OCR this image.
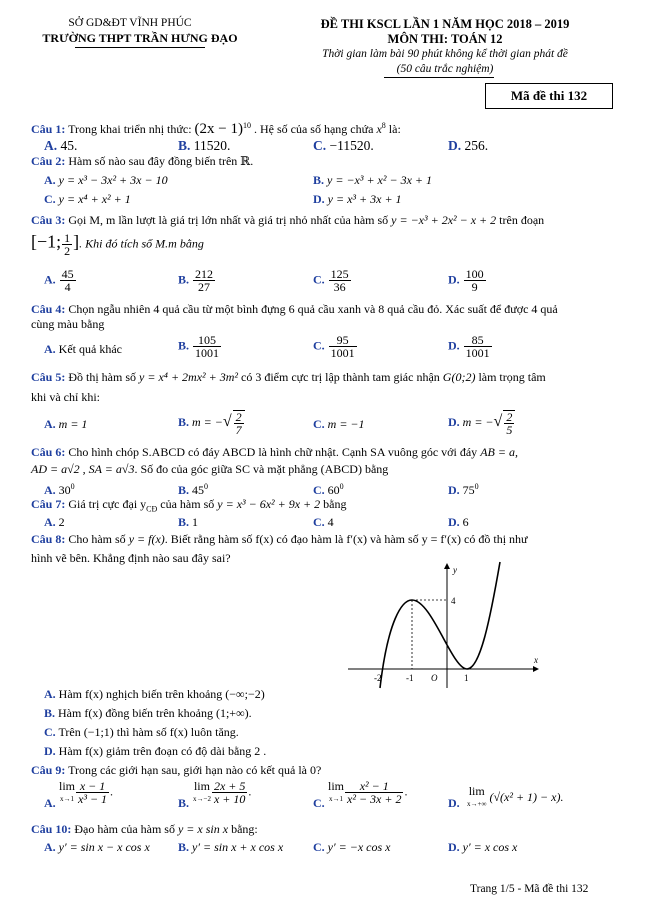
SỞ GD&ĐT VĨNH PHÚC
TRƯỜNG THPT TRẦN HƯNG ĐẠO
ĐỀ THI KSCL LẦN 1 NĂM HỌC 2018 – 2019
MÔN THI: TOÁN 12
Thời gian làm bài 90 phút không kể thời gian phát đề
(50 câu trắc nghiệm)
Mã đề thi 132
Câu 1: Trong khai triển nhị thức: $(2x - 1)^{10}$ . Hệ số của số hạng chứa $x^8$ là:
A. 45.	B. 11520.	C. −11520.	D. 256.
Câu 2: Hàm số nào sau đây đồng biến trên ℝ.
A. y = x³ − 3x² + 3x − 10	B. y = −x³ + x² − 3x + 1
C. y = x⁴ + x² + 1	D. y = x³ + 3x + 1
Câu 3: Gọi M, m lần lượt là giá trị lớn nhất và giá trị nhỏ nhất của hàm số y = −x³ + 2x² − x + 2 trên đoạn
[−1; $\frac{1}{2}$ ]. Khi đó tích số M.m bằng
A. $\frac{45}{4}$	B. $\frac{212}{27}$	C. $\frac{125}{36}$	D. $\frac{100}{9}$
Câu 4: Chọn ngẫu nhiên 4 quả cầu từ một bình đựng 6 quả cầu xanh và 8 quả cầu đỏ. Xác suất để được 4 quả
cùng màu bằng
A. Kết quả khác	B. $\frac{105}{1001}$	C. $\frac{95}{1001}$	D. $\frac{85}{1001}$
Câu 5: Đồ thị hàm số y = x⁴ + 2mx² + 3m² có 3 điểm cực trị lập thành tam giác nhận G(0;2) làm trọng tâm
khi và chỉ khi:
A. m = 1	B. m = −√ $\frac{2}{7}$	C. m = −1	D. m = −√ $\frac{2}{5}$
Câu 6: Cho hình chóp S.ABCD có đáy ABCD là hình chữ nhật. Cạnh SA vuông góc với đáy AB = a,
AD = a√2 , SA = a√3. Số đo của góc giữa SC và mặt phẳng (ABCD) bằng
A. $30^0$	B. $45^0$	C. $60^0$	D. $75^0$
Câu 7: Giá trị cực đại $y_{CĐ}$ của hàm số y = x³ − 6x² + 9x + 2 bằng
A. 2	B. 1	C. 4	D. 6
Câu 8: Cho hàm số y = f(x). Biết rằng hàm số f(x) có đạo hàm là f′(x) và hàm số y = f′(x) có đồ thị như
hình vẽ bên. Khẳng định nào sau đây sai?
y
x
4
-2	-1 O	1
A. Hàm f(x) nghịch biến trên khoảng (−∞;−2)
B. Hàm f(x) đồng biến trên khoảng (1;+∞).
C. Trên (−1;1) thì hàm số f(x) luôn tăng.
D. Hàm f(x) giảm trên đoạn có độ dài bằng 2 .
Câu 9: Trong các giới hạn sau, giới hạn nào có kết quả là 0?
A.
lim
$x\to 1 \frac{x - 1}{\text{x³ − 1}}$ .
B.
lim
$x\to-2 \frac{2x + 5}{x + 10}$ .
C.
lim
$x\to 1 \frac{\text{x² − 1}}{\text{x² − 3x + 2}}$ .
D.
lim
x→+∞ (√(x² + 1) − x).
Câu 10: Đạo hàm của hàm số y = x sin x bằng:
A. y′ = sin x − x cos x B. y′ = sin x + x cos x C. y′ = −x cos x	D. y′ = x cos x
Trang 1/5 - Mã đề thi 132
